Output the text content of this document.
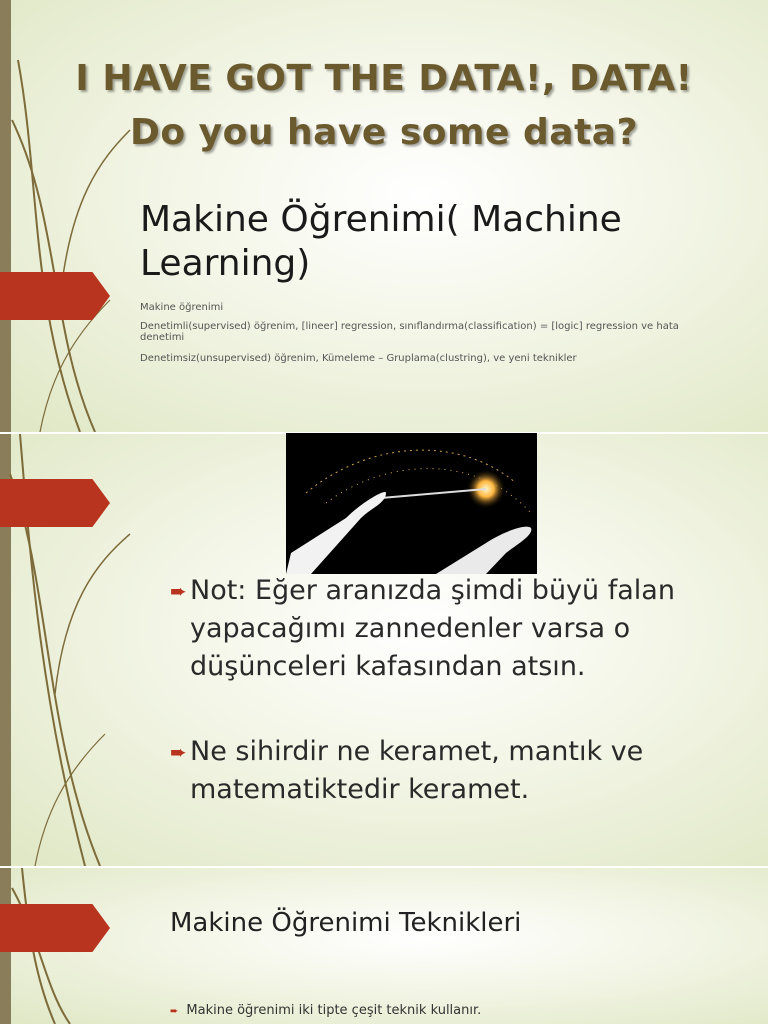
I HAVE GOT THE DATA!, DATA!
Do you have some data?
Makine Öğrenimi( Machine Learning)
Makine öğrenimi
Denetimli(supervised) öğrenim, [lineer] regression, sınıflandırma(classification) = [logic] regression ve hata denetimi
Denetimsiz(unsupervised) öğrenim, Kümeleme – Gruplama(clustring), ve yeni teknikler
➨ Not: Eğer aranızda şimdi büyü falan yapacağımı zannedenler varsa o düşünceleri kafasından atsın.
➨ Ne sihirdir ne keramet, mantık ve matematiktedir keramet.
Makine Öğrenimi Teknikleri
➨ Makine öğrenimi iki tipte çeşit teknik kullanır.
